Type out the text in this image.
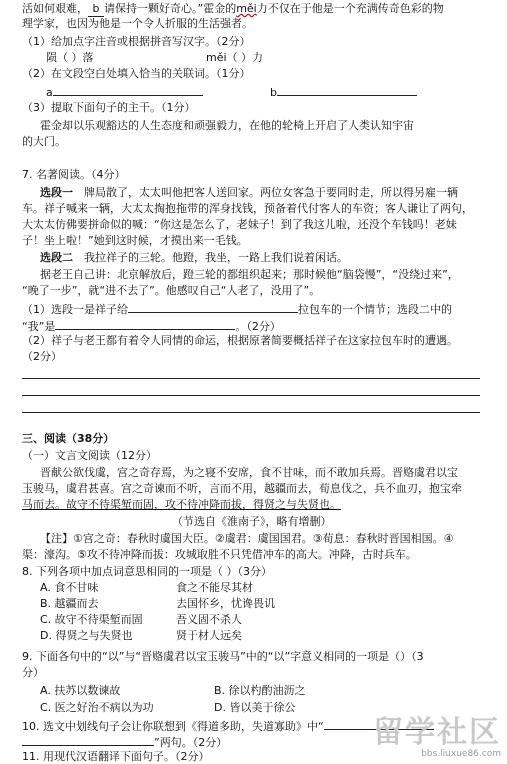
活如何艰难， b 请保持一颗好奇心。”霍金的měi力不仅在于他是一个充满传奇色彩的物
理学家，也因为他是一个令人折服的生活强者。
（1）给加点字注音或根据拼音写汉字。（2分）
陨（ ）落	měi（ ）力
（2）在文段空白处填入恰当的关联词。（1分）
a	b
（3）提取下面句子的主干。（1分）
霍金却以乐观豁达的人生态度和顽强毅力，在他的轮椅上开启了人类认知宇宙
的大门。
7. 名著阅读。（4分）
选段一　 牌局散了，太太叫他把客人送回家。两位女客急于要同时走，所以得另雇一辆
车。祥子喊来一辆，大太太掏抱拖带的浑身找钱，预备着代付客人的车资；客人谦让了两句，
大太太仿佛要拼命似的喊：“你这是怎么了，老妹子！到了我这儿啦，还没个车钱吗！老妹
子！坐上啦！”她到这时候，才摸出来一毛钱。
选段二　 我拉祥子的三轮。他蹬，我坐，一路上我们说着闲话。
据老王自己讲：北京解放后，蹬三轮的都组织起来；那时候他“脑袋慢”，“没绕过来”，
“晚了一步”，就“进不去了”。他感叹自己“人老了，没用了”。
（1）选段一是祥子给	拉包车的一个情节；选段二中的
“我”是	。（2分）
（2）祥子与老王都有着令人同情的命运，根据原著简要概括祥子在这家拉包车时的遭遇。
（2分）
三、阅读（38分）
（一）文言文阅读（12分）
晋献公欲伐虞，宫之奇存焉，为之寝不安席，食不甘味，而不敢加兵焉。晋赂虞君以宝
玉骏马，虞君甚喜。宫之奇谏而不听，言而不用，越疆而去，荀息伐之，兵不血刃，抱宝牵
马而去。故守不待渠堑而固，攻不待冲降而拔，得贤之与失贤也。
（节选自《淮南子》，略有增删）
【注】①宫之奇：春秋时虞国大臣。②虞君：虞国国君。③荀息：春秋时晋国相国。④
渠：濠沟。⑤攻不待冲降而拔：攻城取胜不只凭借冲车的高大。冲降，古时兵车。
8. 下列各项中加点词意思相同的一项是（ ）（3分）
A. 食不甘味	食之不能尽其材
B. 越疆而去	去国怀乡，忧谗畏讥
C. 故守不待渠堑而固	吾义固不杀人
D. 得贤之与失贤也	贤于材人远矣
9. 下面各句中的“以”与“晋赂虞君以宝玉骏马”中的“以”字意义相同的一项是（）（3
分）
A. 扶苏以数谏故	B. 徐以杓酌油沥之
C. 医之好治不病以为功	D. 皆以美于徐公
10. 选文中划线句子会让你联想到《得道多助，失道寡助》中“
”两句。（2分）
11. 用现代汉语翻译下面句子。（2分）
留学社区
bbs.liuxue86.com
